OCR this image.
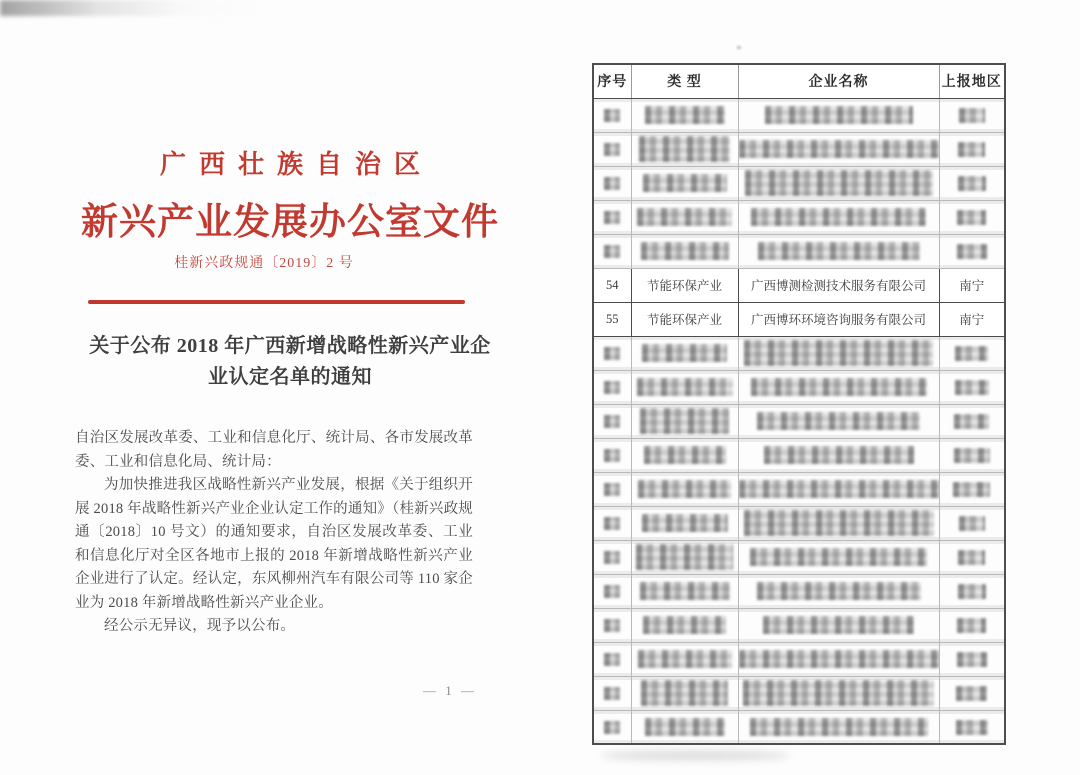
广西壮族自治区
新兴产业发展办公室文件
桂新兴政规通〔2019〕2 号
关于公布 2018 年广西新增战略性新兴产业企
业认定名单的通知

自治区发展改革委、工业和信息化厅、统计局、各市发展改革委、工业和信息化局、统计局：

为加快推进我区战略性新兴产业发展，根据《关于组织开展 2018 年战略性新兴产业企业认定工作的通知》（桂新兴政规通〔2018〕10 号文）的通知要求，自治区发展改革委、工业和信息化厅对全区各地市上报的 2018 年新增战略性新兴产业企业进行了认定。经认定，东风柳州汽车有限公司等 110 家企业为 2018 年新增战略性新兴产业企业。

经公示无异议，现予以公布。

— 1 —
序号	类 型	企业名称	上报地区

54	节能环保产业	广西博测检测技术服务有限公司	南宁
55	节能环保产业	广西博环环境咨询服务有限公司	南宁
